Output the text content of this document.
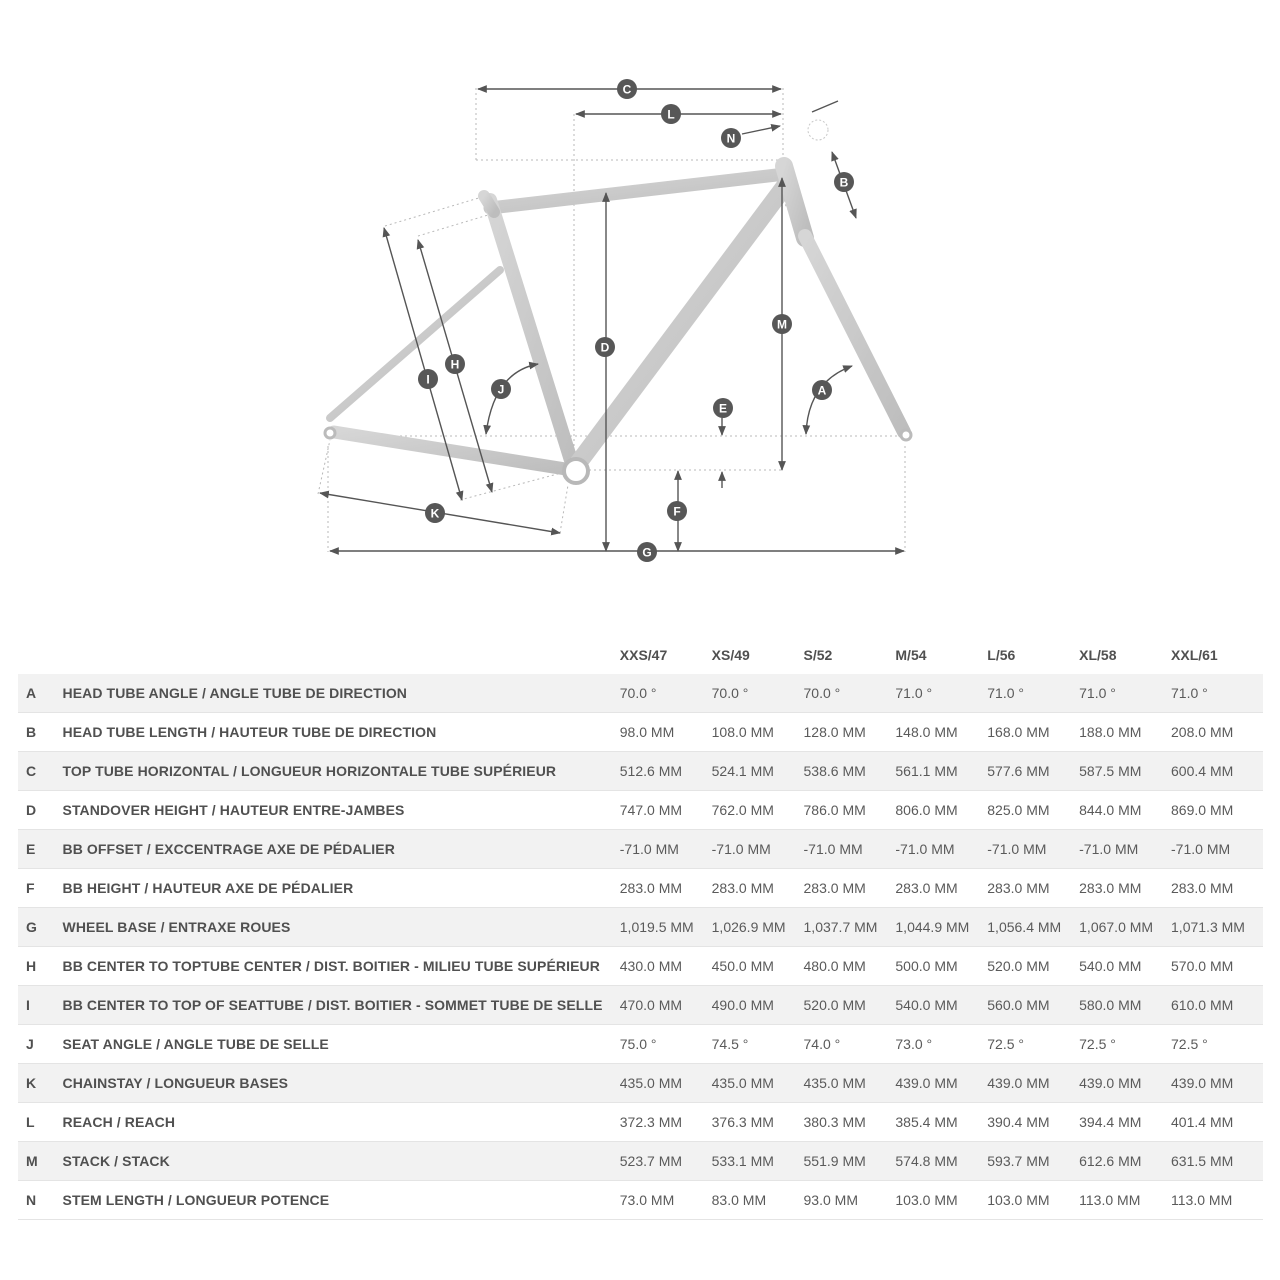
A
B
C
D
E
F
G
H
I
J
K
L
M
N
		XXS/47	XS/49	S/52	M/54	L/56	XL/58	XXL/61
A	HEAD TUBE ANGLE / ANGLE TUBE DE DIRECTION	70.0 °	70.0 °	70.0 °	71.0 °	71.0 °	71.0 °	71.0 °
B	HEAD TUBE LENGTH / HAUTEUR TUBE DE DIRECTION	98.0 MM	108.0 MM	128.0 MM	148.0 MM	168.0 MM	188.0 MM	208.0 MM
C	TOP TUBE HORIZONTAL / LONGUEUR HORIZONTALE TUBE SUPÉRIEUR	512.6 MM	524.1 MM	538.6 MM	561.1 MM	577.6 MM	587.5 MM	600.4 MM
D	STANDOVER HEIGHT / HAUTEUR ENTRE-JAMBES	747.0 MM	762.0 MM	786.0 MM	806.0 MM	825.0 MM	844.0 MM	869.0 MM
E	BB OFFSET / EXCCENTRAGE AXE DE PÉDALIER	-71.0 MM	-71.0 MM	-71.0 MM	-71.0 MM	-71.0 MM	-71.0 MM	-71.0 MM
F	BB HEIGHT / HAUTEUR AXE DE PÉDALIER	283.0 MM	283.0 MM	283.0 MM	283.0 MM	283.0 MM	283.0 MM	283.0 MM
G	WHEEL BASE / ENTRAXE ROUES	1,019.5 MM	1,026.9 MM	1,037.7 MM	1,044.9 MM	1,056.4 MM	1,067.0 MM	1,071.3 MM
H	BB CENTER TO TOPTUBE CENTER / DIST. BOITIER - MILIEU TUBE SUPÉRIEUR	430.0 MM	450.0 MM	480.0 MM	500.0 MM	520.0 MM	540.0 MM	570.0 MM
I	BB CENTER TO TOP OF SEATTUBE / DIST. BOITIER - SOMMET TUBE DE SELLE	470.0 MM	490.0 MM	520.0 MM	540.0 MM	560.0 MM	580.0 MM	610.0 MM
J	SEAT ANGLE / ANGLE TUBE DE SELLE	75.0 °	74.5 °	74.0 °	73.0 °	72.5 °	72.5 °	72.5 °
K	CHAINSTAY / LONGUEUR BASES	435.0 MM	435.0 MM	435.0 MM	439.0 MM	439.0 MM	439.0 MM	439.0 MM
L	REACH / REACH	372.3 MM	376.3 MM	380.3 MM	385.4 MM	390.4 MM	394.4 MM	401.4 MM
M	STACK / STACK	523.7 MM	533.1 MM	551.9 MM	574.8 MM	593.7 MM	612.6 MM	631.5 MM
N	STEM LENGTH / LONGUEUR POTENCE	73.0 MM	83.0 MM	93.0 MM	103.0 MM	103.0 MM	113.0 MM	113.0 MM
